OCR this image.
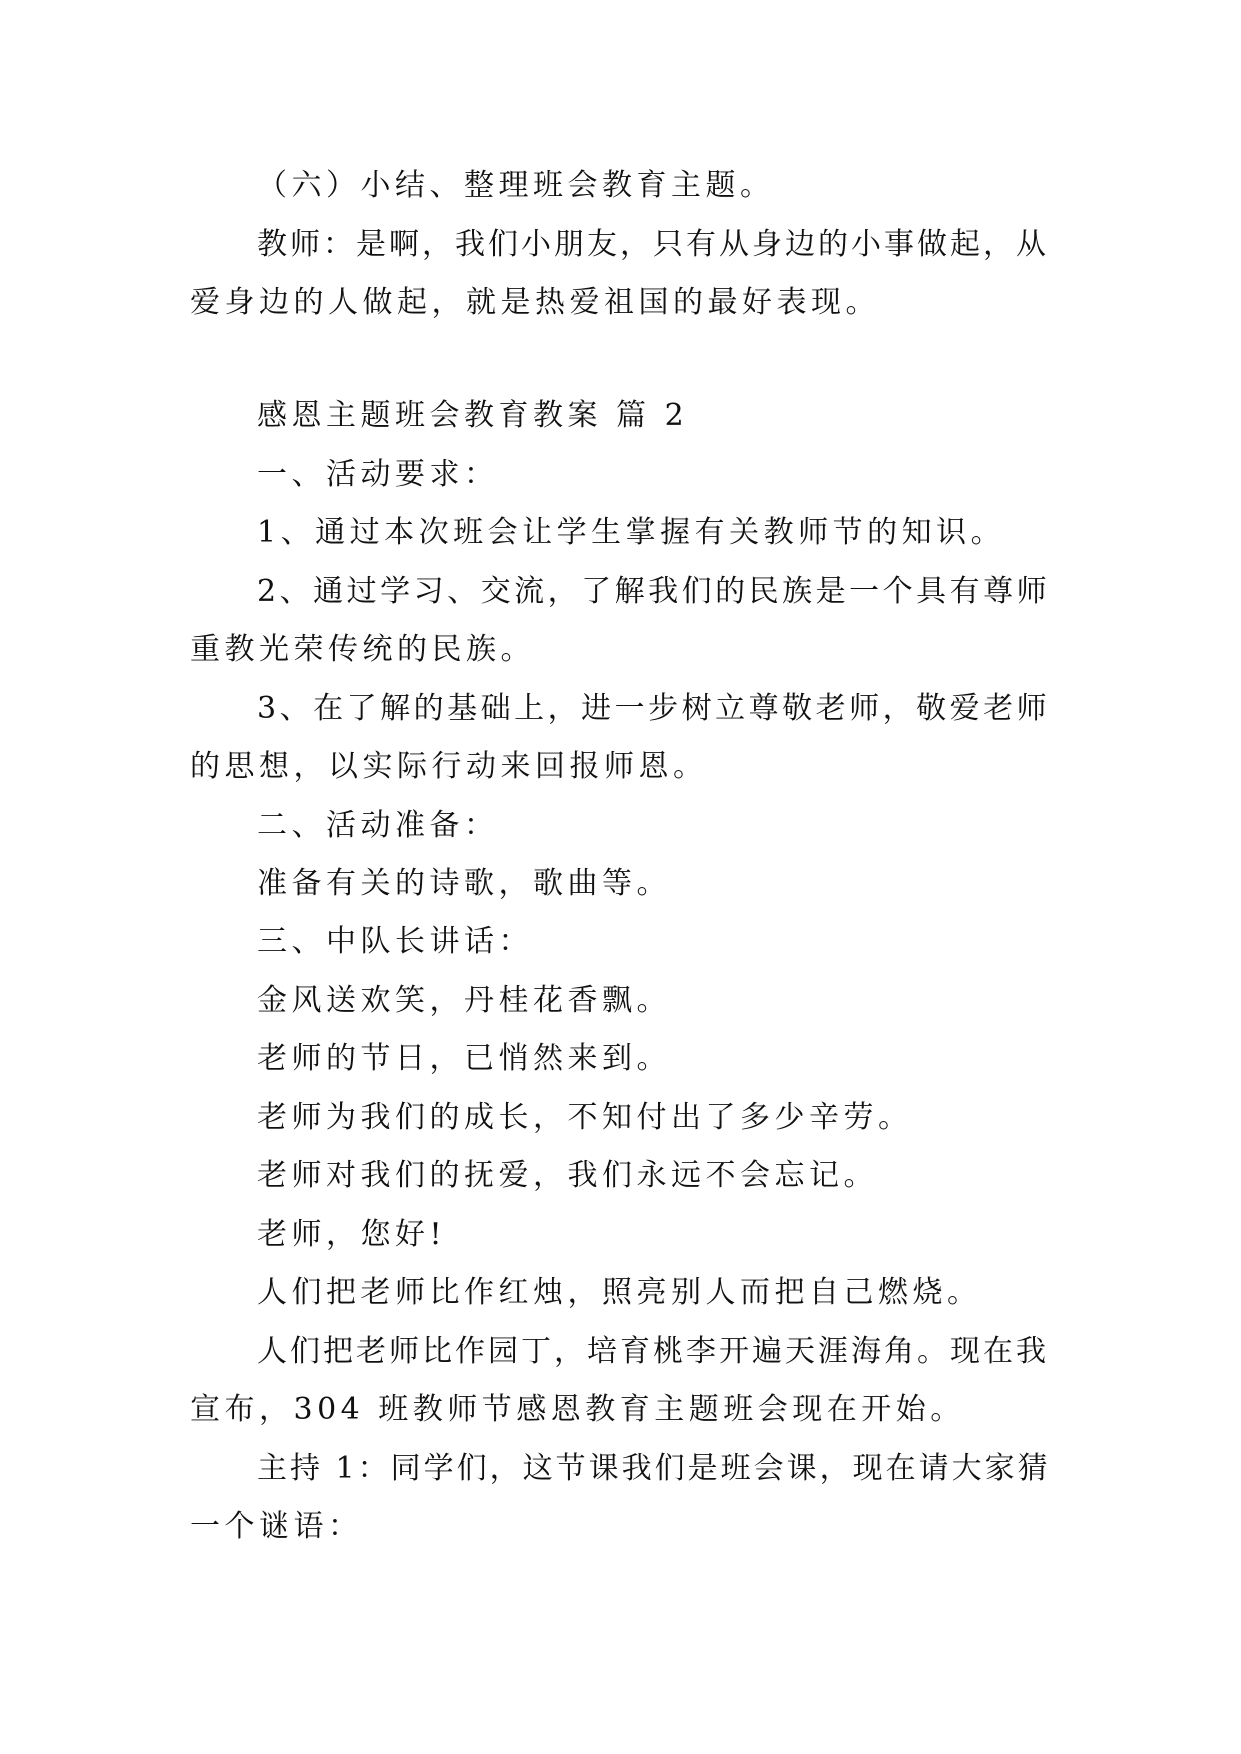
（六）小结、整理班会教育主题。
教师：是啊，我们小朋友，只有从身边的小事做起，从
爱身边的人做起，就是热爱祖国的最好表现。
感恩主题班会教育教案 篇 2
一、活动要求：
1、通过本次班会让学生掌握有关教师节的知识。
2、通过学习、交流，了解我们的民族是一个具有尊师
重教光荣传统的民族。
3、在了解的基础上，进一步树立尊敬老师，敬爱老师
的思想，以实际行动来回报师恩。
二、活动准备：
准备有关的诗歌，歌曲等。
三、中队长讲话：
金风送欢笑，丹桂花香飘。
老师的节日，已悄然来到。
老师为我们的成长，不知付出了多少辛劳。
老师对我们的抚爱，我们永远不会忘记。
老师，您好!
人们把老师比作红烛，照亮别人而把自己燃烧。
人们把老师比作园丁，培育桃李开遍天涯海角。现在我
宣布，304 班教师节感恩教育主题班会现在开始。
主持 1：同学们，这节课我们是班会课，现在请大家猜
一个谜语：
